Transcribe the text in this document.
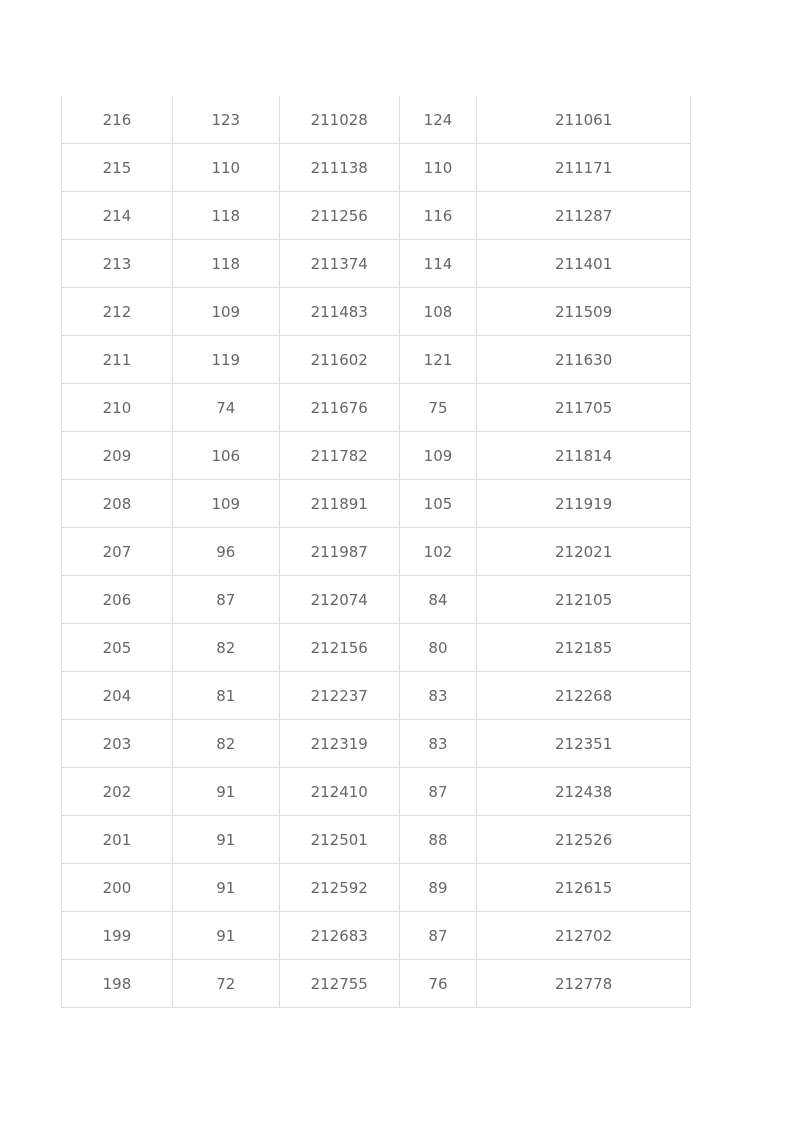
216	123	211028	124	211061
215	110	211138	110	211171
214	118	211256	116	211287
213	118	211374	114	211401
212	109	211483	108	211509
211	119	211602	121	211630
210	74	211676	75	211705
209	106	211782	109	211814
208	109	211891	105	211919
207	96	211987	102	212021
206	87	212074	84	212105
205	82	212156	80	212185
204	81	212237	83	212268
203	82	212319	83	212351
202	91	212410	87	212438
201	91	212501	88	212526
200	91	212592	89	212615
199	91	212683	87	212702
198	72	212755	76	212778
